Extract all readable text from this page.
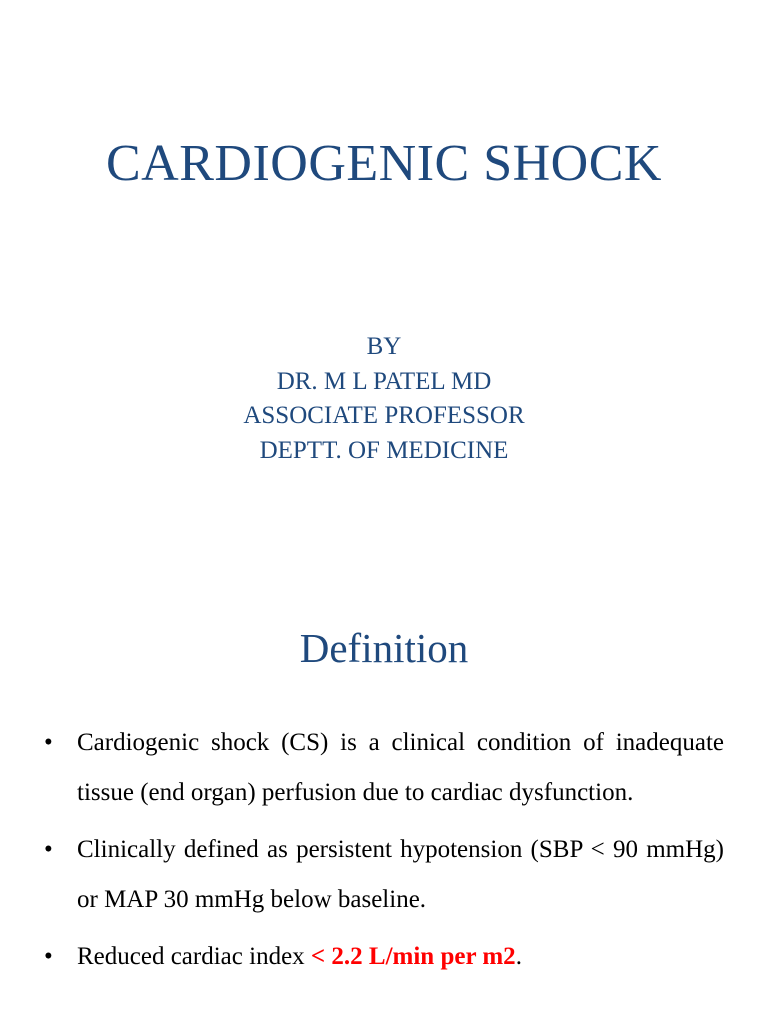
CARDIOGENIC SHOCK
BY
DR. M L PATEL MD
ASSOCIATE PROFESSOR
DEPTT. OF MEDICINE
Definition
• Cardiogenic shock (CS) is a clinical condition of inadequate tissue (end organ) perfusion due to cardiac dysfunction.
• Clinically defined as persistent hypotension (SBP < 90 mmHg) or MAP 30 mmHg below baseline.
• Reduced cardiac index < 2.2 L/min per m2.
